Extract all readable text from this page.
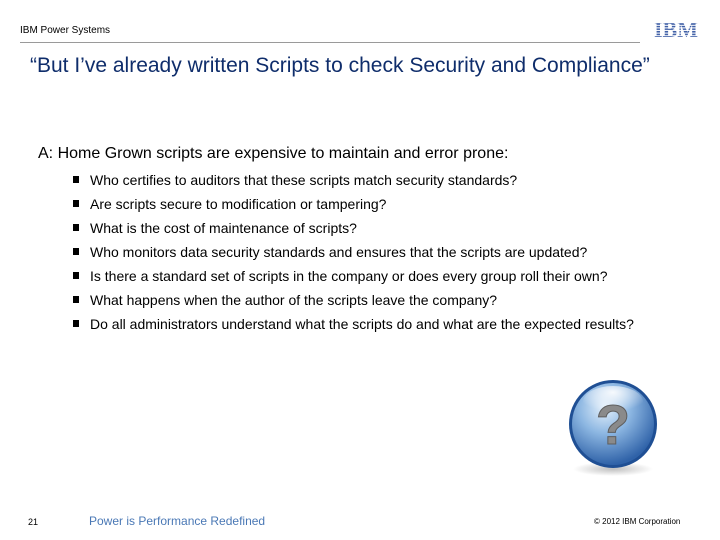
IBM Power Systems	IBM
“But I’ve already written Scripts to check Security and Compliance”
A: Home Grown scripts are expensive to maintain and error prone:
Who certifies to auditors that these scripts match security standards?
Are scripts secure to modification or tampering?
What is the cost of maintenance of scripts?
Who monitors data security standards and ensures that the scripts are updated?
Is there a standard set of scripts in the company or does every group roll their own?
What happens when the author of the scripts leave the company?
Do all administrators understand what the scripts do and what are the expected results?
?
21	Power is Performance Redefined	© 2012 IBM Corporation
